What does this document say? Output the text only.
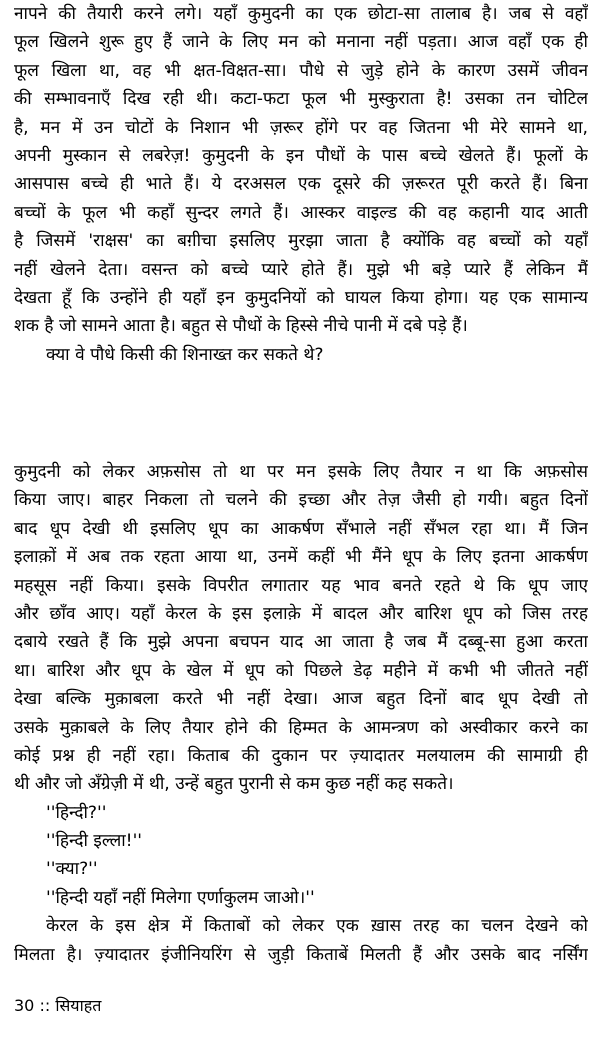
नापने की तैयारी करने लगे। यहाँ कुमुदनी का एक छोटा-सा तालाब है। जब से वहाँ
फूल खिलने शुरू हुए हैं जाने के लिए मन को मनाना नहीं पड़ता। आज वहाँ एक ही
फूल खिला था, वह भी क्षत-विक्षत-सा। पौधे से जुड़े होने के कारण उसमें जीवन
की सम्भावनाएँ दिख रही थी। कटा-फटा फूल भी मुस्कुराता है! उसका तन चोटिल
है, मन में उन चोटों के निशान भी ज़रूर होंगे पर वह जितना भी मेरे सामने था,
अपनी मुस्कान से लबरेज़! कुमुदनी के इन पौधों के पास बच्चे खेलते हैं। फूलों के
आसपास बच्चे ही भाते हैं। ये दरअसल एक दूसरे की ज़रूरत पूरी करते हैं। बिना
बच्चों के फूल भी कहाँ सुन्दर लगते हैं। आस्कर वाइल्ड की वह कहानी याद आती
है जिसमें 'राक्षस' का बग़ीचा इसलिए मुरझा जाता है क्योंकि वह बच्चों को यहाँ
नहीं खेलने देता। वसन्त को बच्चे प्यारे होते हैं। मुझे भी बड़े प्यारे हैं लेकिन मैं
देखता हूँ कि उन्होंने ही यहाँ इन कुमुदनियों को घायल किया होगा। यह एक सामान्य
शक है जो सामने आता है। बहुत से पौधों के हिस्से नीचे पानी में दबे पड़े हैं।
क्या वे पौधे किसी की शिनाख्त कर सकते थे?
कुमुदनी को लेकर अफ़सोस तो था पर मन इसके लिए तैयार न था कि अफ़सोस
किया जाए। बाहर निकला तो चलने की इच्छा और तेज़ जैसी हो गयी। बहुत दिनों
बाद धूप देखी थी इसलिए धूप का आकर्षण सँभाले नहीं सँभल रहा था। मैं जिन
इलाक़ों में अब तक रहता आया था, उनमें कहीं भी मैंने धूप के लिए इतना आकर्षण
महसूस नहीं किया। इसके विपरीत लगातार यह भाव बनते रहते थे कि धूप जाए
और छाँव आए। यहाँ केरल के इस इलाक़े में बादल और बारिश धूप को जिस तरह
दबाये रखते हैं कि मुझे अपना बचपन याद आ जाता है जब मैं दब्बू-सा हुआ करता
था। बारिश और धूप के खेल में धूप को पिछले डेढ़ महीने में कभी भी जीतते नहीं
देखा बल्कि मुक़ाबला करते भी नहीं देखा। आज बहुत दिनों बाद धूप देखी तो
उसके मुक़ाबले के लिए तैयार होने की हिम्मत के आमन्त्रण को अस्वीकार करने का
कोई प्रश्न ही नहीं रहा। किताब की दुकान पर ज़्यादातर मलयालम की सामाग्री ही
थी और जो अँग्रेज़ी में थी, उन्हें बहुत पुरानी से कम कुछ नहीं कह सकते।
''हिन्दी?''
''हिन्दी इल्ला!''
''क्या?''
''हिन्दी यहाँ नहीं मिलेगा एर्णाकुलम जाओ।''
केरल के इस क्षेत्र में किताबों को लेकर एक ख़ास तरह का चलन देखने को
मिलता है। ज़्यादातर इंजीनियरिंग से जुड़ी किताबें मिलती हैं और उसके बाद नर्सिंग
30 :: सियाहत
